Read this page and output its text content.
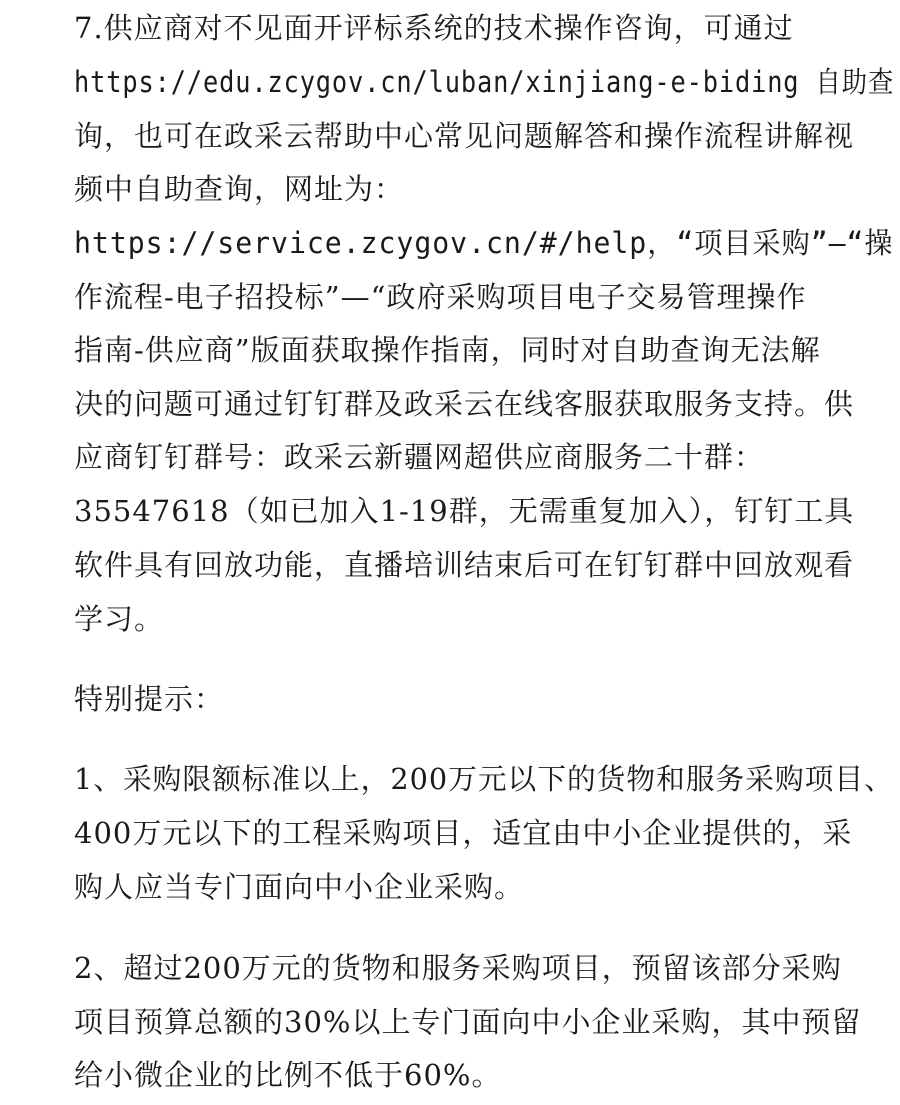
7.供应商对不见面开评标系统的技术操作咨询，可通过
https://edu.zcygov.cn/luban/xinjiang-e-biding 自助查
询，也可在政采云帮助中心常见问题解答和操作流程讲解视
频中自助查询，网址为：
https://service.zcygov.cn/#/help，“项目采购”—“操
作流程-电子招投标”—“政府采购项目电子交易管理操作
指南-供应商”版面获取操作指南，同时对自助查询无法解
决的问题可通过钉钉群及政采云在线客服获取服务支持。供
应商钉钉群号：政采云新疆网超供应商服务二十群：
35547618（如已加入1-19群，无需重复加入），钉钉工具
软件具有回放功能，直播培训结束后可在钉钉群中回放观看
学习。
特别提示：
1、采购限额标准以上，200万元以下的货物和服务采购项目、
400万元以下的工程采购项目，适宜由中小企业提供的，采
购人应当专门面向中小企业采购。
2、超过200万元的货物和服务采购项目，预留该部分采购
项目预算总额的30%以上专门面向中小企业采购，其中预留
给小微企业的比例不低于60%。
